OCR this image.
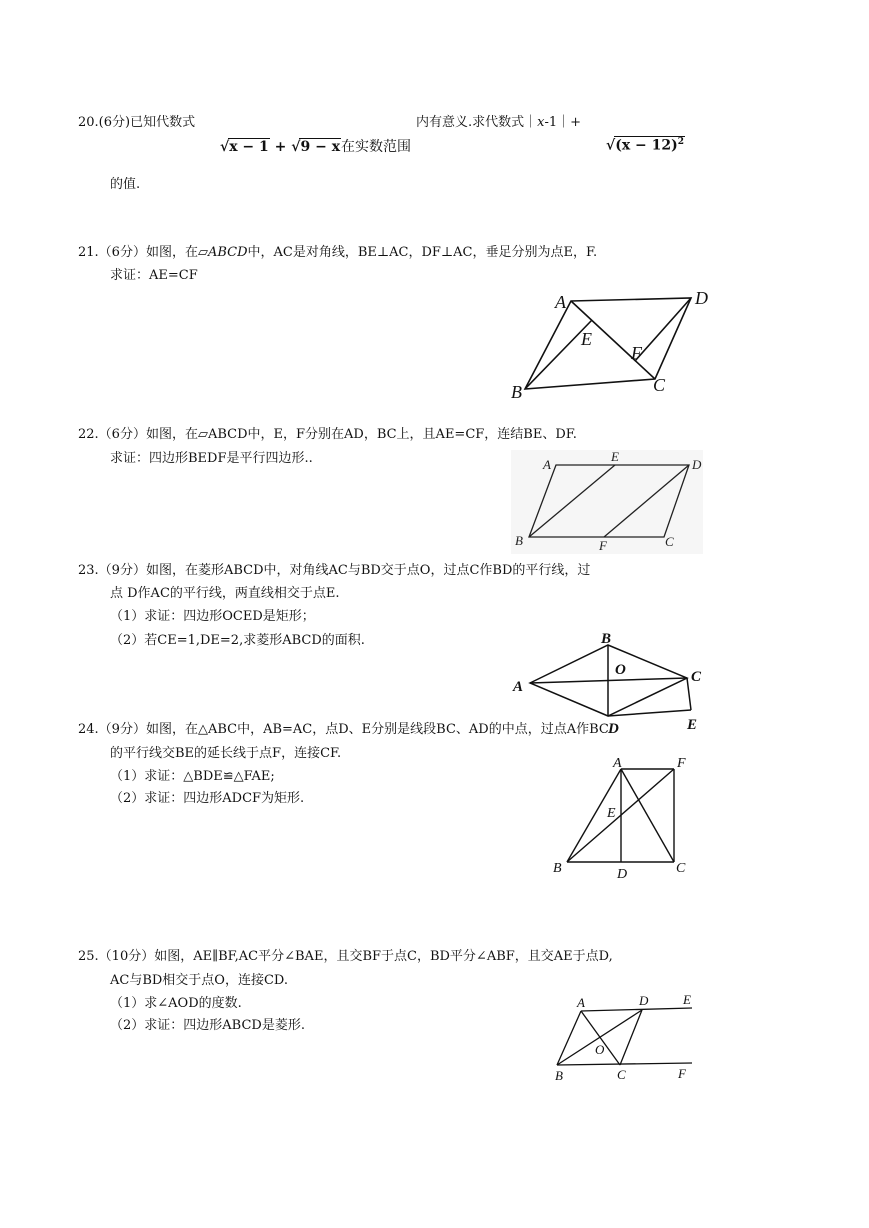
20.(6分)已知代数式	内有意义.求代数式｜x-1｜+
√x − 1 + √9 − x在实数范围	$√(x - 12)^2$
的值.
21.（6分）如图，在▱ABCD中，AC是对角线，BE⊥AC，DF⊥AC，垂足分别为点E，F.
求证：AE=CF
A	D
E
F
B	C
22.（6分）如图，在▱ABCD中，E，F分别在AD，BC上，且AE=CF，连结BE、DF.
求证：四边形BEDF是平行四边形..	A
E
D
B	F	C
23.（9分）如图，在菱形ABCD中，对角线AC与BD交于点O，过点C作BD的平行线，过
点 D作AC的平行线，两直线相交于点E.
（1）求证：四边形OCED是矩形；
（2）若CE=1,DE=2,求菱形ABCD的面积.	B
O
A
C
D	E
24.（9分）如图，在△ABC中，AB=AC，点D、E分别是线段BC、AD的中点，过点A作BC
的平行线交BE的延长线于点F，连接CF.
（1）求证：△BDE≌△FAE;
（2）求证：四边形ADCF为矩形.
A	F
E
B	D	C
25.（10分）如图，AE∥BF,AC平分∠BAE，且交BF于点C，BD平分∠ABF，且交AE于点D,
AC与BD相交于点O，连接CD.
（1）求∠AOD的度数.
（2）求证：四边形ABCD是菱形.
A	D	E
O
B	C	F
